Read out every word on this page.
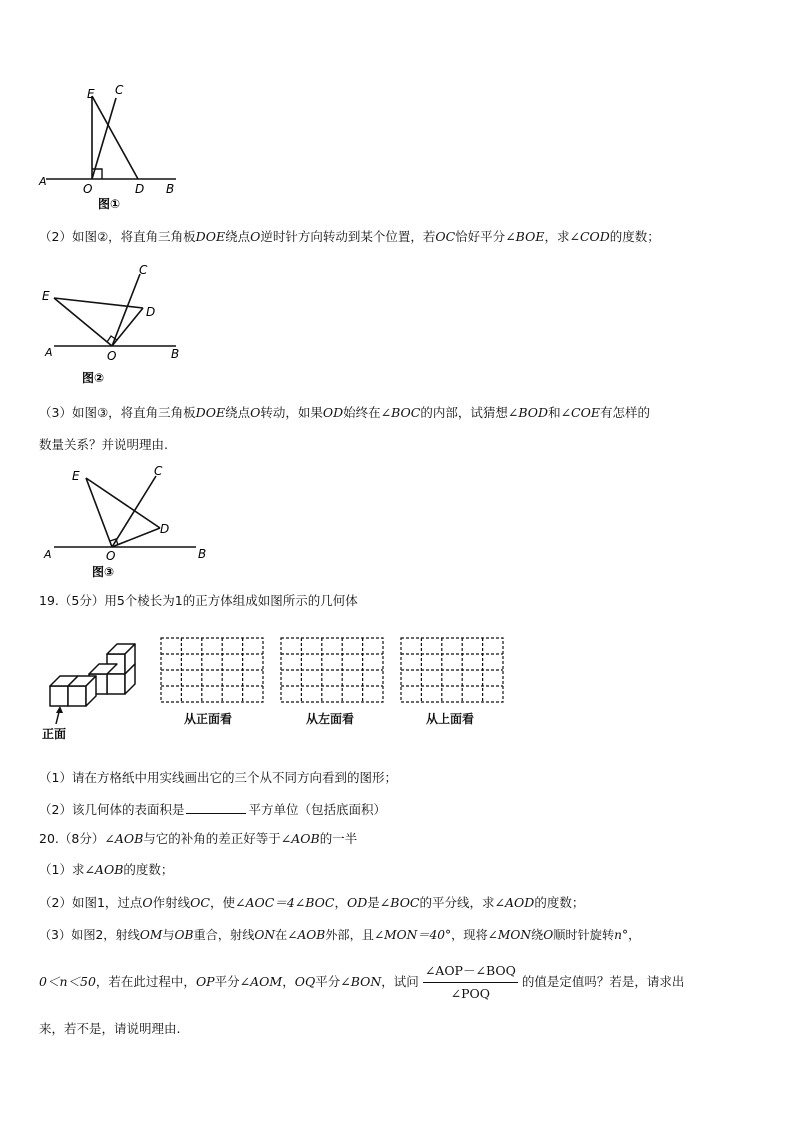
E C
A
O	D B
图①
（2）如图②，将直角三角板DOE绕点O逆时针方向转动到某个位置，若OC恰好平分∠BOE，求∠COD的度数；
C
E
D
A	O	B
图②
（3）如图③，将直角三角板DOE绕点O转动，如果OD始终在∠BOC的内部，试猜想∠BOD和∠COE有怎样的
数量关系？并说明理由.
E	C
D
A	O	B
图③
19.（5分）用5个棱长为1的正方体组成如图所示的几何体
正面
从正面看	从左面看	从上面看
（1）请在方格纸中用实线画出它的三个从不同方向看到的图形；
（2）该几何体的表面积是	平方单位（包括底面积）
20.（8分）∠AOB与它的补角的差正好等于∠AOB的一半
（1）求∠AOB的度数；
（2）如图1，过点O作射线OC，使∠AOC＝4∠BOC，OD是∠BOC的平分线，求∠AOD的度数；
（3）如图2，射线OM与OB重合，射线ON在∠AOB外部，且∠MON＝40°，现将∠MON绕O顺时针旋转n°，
0＜n＜50，若在此过程中，OP平分∠AOM，OQ平分∠BON，试问 $\frac{\text{∠AOP－∠BOQ}}{\text{∠POQ}}$ 的值是定值吗？若是，请求出
来，若不是，请说明理由.
